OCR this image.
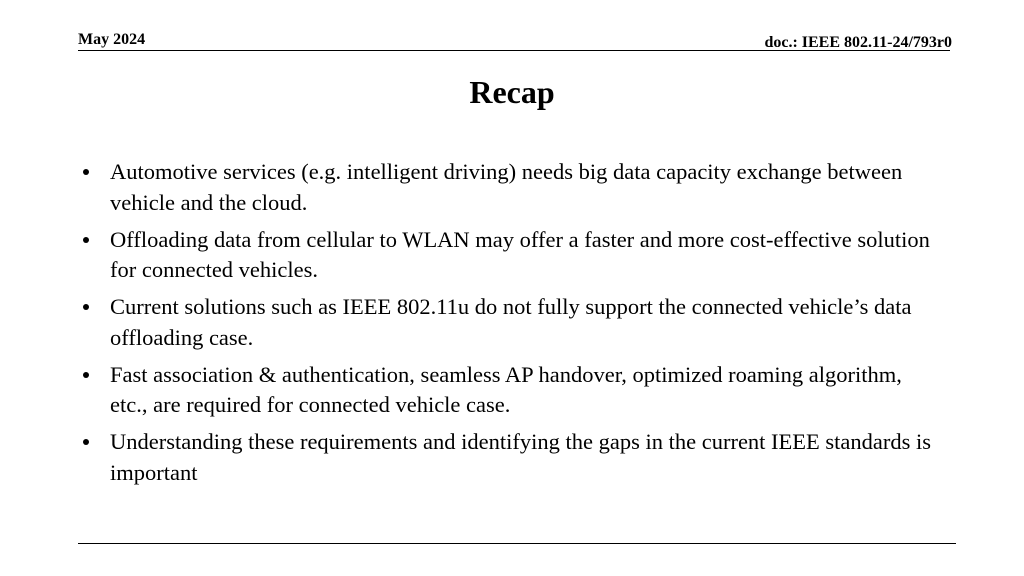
May 2024	doc.: IEEE 802.11-24/793r0
Recap
Automotive services (e.g. intelligent driving) needs big data capacity exchange between vehicle and the cloud.
Offloading data from cellular to WLAN may offer a faster and more cost-effective solution for connected vehicles.
Current solutions such as IEEE 802.11u do not fully support the connected vehicle’s data offloading case.
Fast association & authentication, seamless AP handover, optimized roaming algorithm, etc., are required for connected vehicle case.
Understanding these requirements and identifying the gaps in the current IEEE standards is important
